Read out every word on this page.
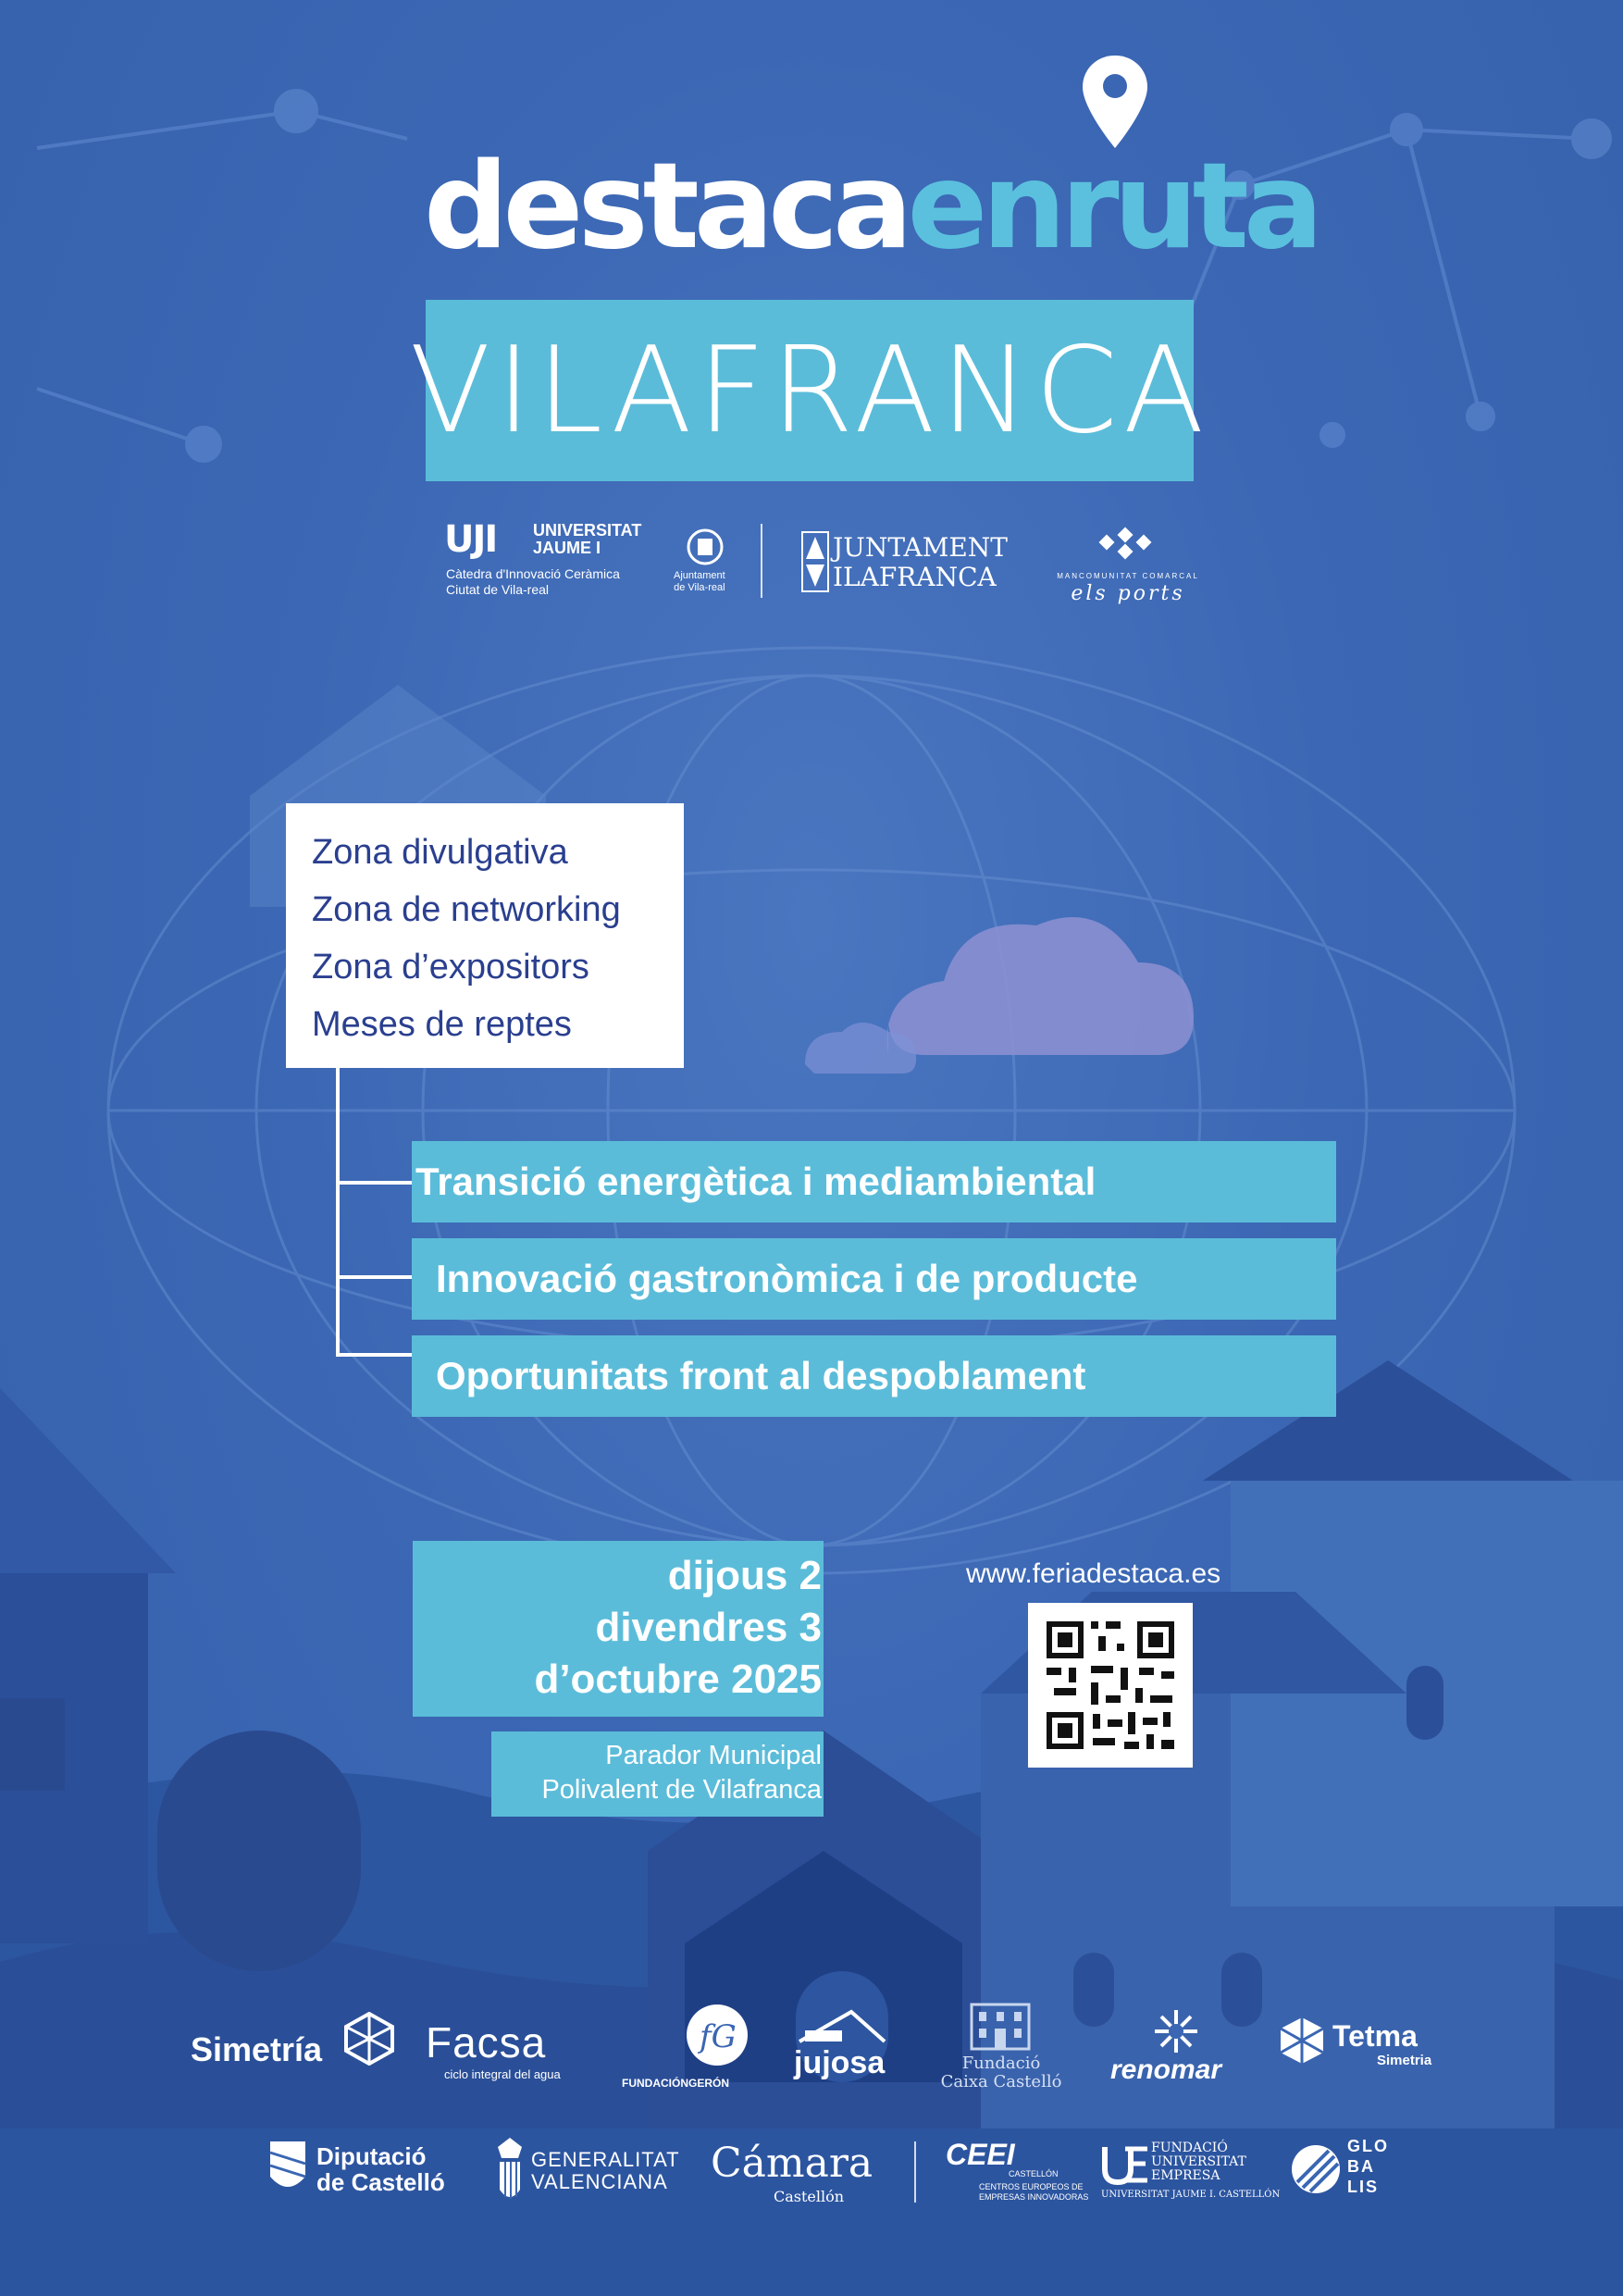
destacaenruta
VILAFRANCA
UJI UNIVERSITAT
JAUME I
Càtedra d'Innovació Ceràmica
Ciutat de Vila-real
Ajuntament
de Vila-real
JUNTAMENT
ILAFRANCA	MANCOMUNITAT COMARCAL
els ports
Zona divulgativa
Zona de networking
Zona d’expositors
Meses de reptes
Transició energètica i mediambiental
Innovació gastronòmica i de producte
Oportunitats front al despoblament
dijous 2
divendres 3
d’octubre 2025
Parador Municipal
Polivalent de Vilafranca
www.feriadestaca.es
Simetría Facsa
ciclo integral del agua
fG
FUNDACIÓNGERÓN
jujosa	Fundació
Caixa Castelló renomar
Tetma
Simetria
Diputació
de Castelló
GENERALITAT
VALENCIANA Cámara
Castellón
CEEI
CASTELLÓN
CENTROS EUROPEOS DE
EMPRESAS INNOVADORAS
FUNDACIÓ
UNIVERSITAT
EMPRESA
UNIVERSITAT JAUME I. CASTELLÓN
GLO
BA
LIS
